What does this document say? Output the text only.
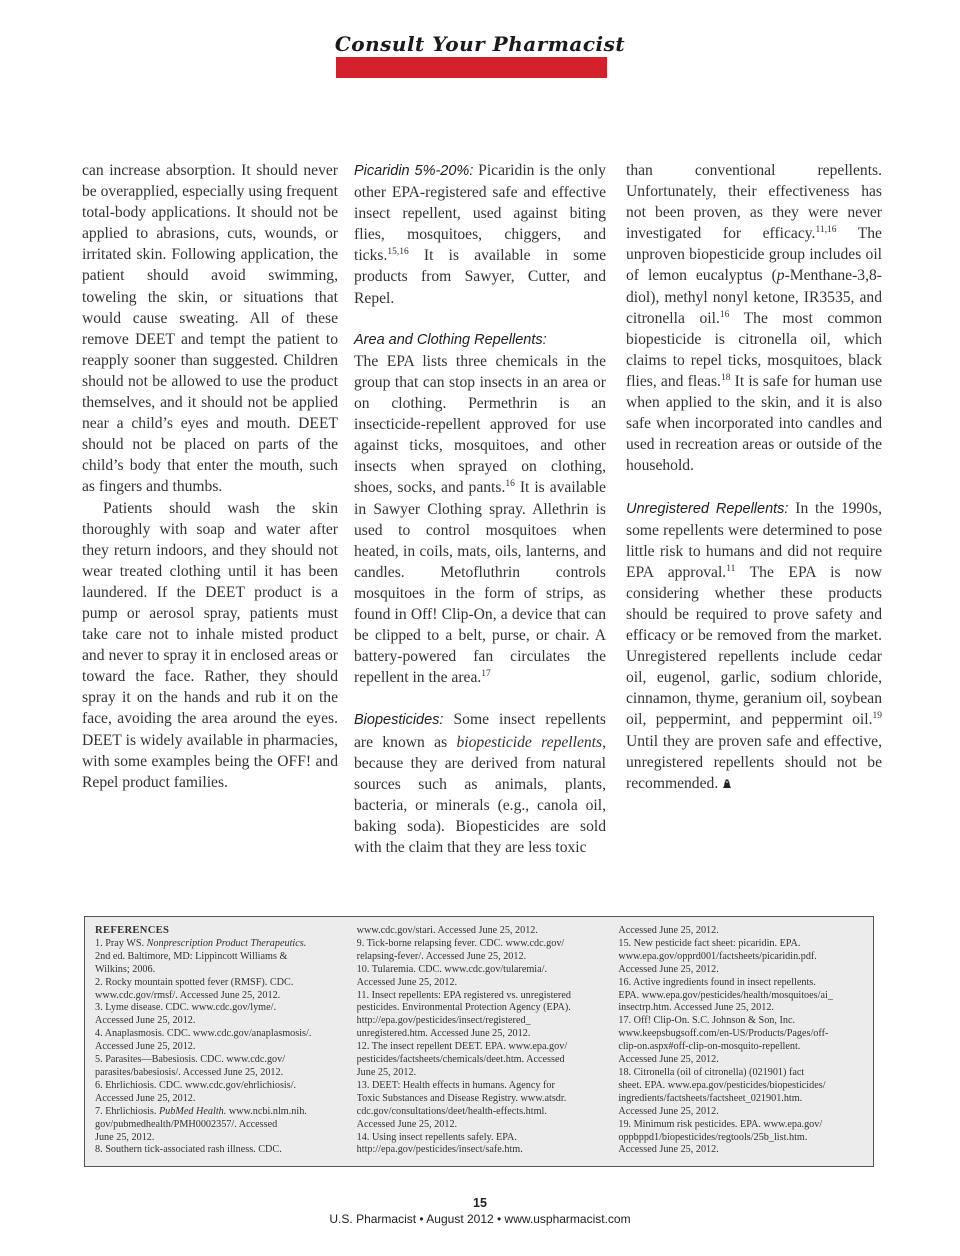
Consult Your Pharmacist

can increase absorption. It should never be overapplied, especially using frequent total-body applications. It should not be applied to abrasions, cuts, wounds, or irritated skin. Following application, the patient should avoid swimming, toweling the skin, or situations that would cause sweating. All of these remove DEET and tempt the patient to reapply sooner than suggested. Children should not be allowed to use the product themselves, and it should not be applied near a child’s eyes and mouth. DEET should not be placed on parts of the child’s body that enter the mouth, such as fingers and thumbs.

Patients should wash the skin thoroughly with soap and water after they return indoors, and they should not wear treated clothing until it has been laundered. If the DEET product is a pump or aerosol spray, patients must take care not to inhale misted product and never to spray it in enclosed areas or toward the face. Rather, they should spray it on the hands and rub it on the face, avoiding the area around the eyes. DEET is widely available in pharmacies, with some examples being the OFF! and Repel product families.

Picaridin 5%-20%: Picaridin is the only other EPA-registered safe and effective insect repellent, used against biting flies, mosquitoes, chiggers, and ticks.$^{15,16}$ It is available in some products from Sawyer, Cutter, and Repel.

Area and Clothing Repellents:
The EPA lists three chemicals in the group that can stop insects in an area or on clothing. Permethrin is an insecticide-repellent approved for use against ticks, mosquitoes, and other insects when sprayed on clothing, shoes, socks, and pants.$^{16}$ It is available in Sawyer Clothing spray. Allethrin is used to control mosquitoes when heated, in coils, mats, oils, lanterns, and candles. Metofluthrin controls mosquitoes in the form of strips, as found in Off! Clip-On, a device that can be clipped to a belt, purse, or chair. A battery-powered fan circulates the repellent in the area.$^{17}$

Biopesticides: Some insect repellents are known as biopesticide repellents, because they are derived from natural sources such as animals, plants, bacteria, or minerals (e.g., canola oil, baking soda). Biopesticides are sold with the claim that they are less toxic

than conventional repellents. Unfortunately, their effectiveness has not been proven, as they were never investigated for efficacy.$^{11,16}$ The unproven biopesticide group includes oil of lemon eucalyptus (p-Menthane-3,8-diol), methyl nonyl ketone, IR3535, and citronella oil.$^{16}$ The most common biopesticide is citronella oil, which claims to repel ticks, mosquitoes, black flies, and fleas.$^{18}$ It is safe for human use when applied to the skin, and it is also safe when incorporated into candles and used in recreation areas or outside of the household.

Unregistered Repellents: In the 1990s, some repellents were determined to pose little risk to humans and did not require EPA approval.$^{11}$ The EPA is now considering whether these products should be required to prove safety and efficacy or be removed from the market. Unregistered repellents include cedar oil, eugenol, garlic, sodium chloride, cinnamon, thyme, geranium oil, soybean oil, peppermint, and peppermint oil.$^{19}$ Until they are proven safe and effective, unregistered repellents should not be recommended.

REFERENCES
1. Pray WS. Nonprescription Product Therapeutics.
2nd ed. Baltimore, MD: Lippincott Williams &
Wilkins; 2006.
2. Rocky mountain spotted fever (RMSF). CDC.
www.cdc.gov/rmsf/. Accessed June 25, 2012.
3. Lyme disease. CDC. www.cdc.gov/lyme/.
Accessed June 25, 2012.
4. Anaplasmosis. CDC. www.cdc.gov/anaplasmosis/.
Accessed June 25, 2012.
5. Parasites—Babesiosis. CDC. www.cdc.gov/
parasites/babesiosis/. Accessed June 25, 2012.
6. Ehrlichiosis. CDC. www.cdc.gov/ehrlichiosis/.
Accessed June 25, 2012.
7. Ehrlichiosis. PubMed Health. www.ncbi.nlm.nih.
gov/pubmedhealth/PMH0002357/. Accessed
June 25, 2012.
8. Southern tick-associated rash illness. CDC.
www.cdc.gov/stari. Accessed June 25, 2012.
9. Tick-borne relapsing fever. CDC. www.cdc.gov/
relapsing-fever/. Accessed June 25, 2012.
10. Tularemia. CDC. www.cdc.gov/tularemia/.
Accessed June 25, 2012.
11. Insect repellents: EPA registered vs. unregistered
pesticides. Environmental Protection Agency (EPA).
http://epa.gov/pesticides/insect/registered_
unregistered.htm. Accessed June 25, 2012.
12. The insect repellent DEET. EPA. www.epa.gov/
pesticides/factsheets/chemicals/deet.htm. Accessed
June 25, 2012.
13. DEET: Health effects in humans. Agency for
Toxic Substances and Disease Registry. www.atsdr.
cdc.gov/consultations/deet/health-effects.html.
Accessed June 25, 2012.
14. Using insect repellents safely. EPA.
http://epa.gov/pesticides/insect/safe.htm.
Accessed June 25, 2012.
15. New pesticide fact sheet: picaridin. EPA.
www.epa.gov/opprd001/factsheets/picaridin.pdf.
Accessed June 25, 2012.
16. Active ingredients found in insect repellents.
EPA. www.epa.gov/pesticides/health/mosquitoes/ai_
insectrp.htm. Accessed June 25, 2012.
17. Off! Clip-On. S.C. Johnson & Son, Inc.
www.keepsbugsoff.com/en-US/Products/Pages/off-
clip-on.aspx#off-clip-on-mosquito-repellent.
Accessed June 25, 2012.
18. Citronella (oil of citronella) (021901) fact
sheet. EPA. www.epa.gov/pesticides/biopesticides/
ingredients/factsheets/factsheet_021901.htm.
Accessed June 25, 2012.
19. Minimum risk pesticides. EPA. www.epa.gov/
oppbppd1/biopesticides/regtools/25b_list.htm.
Accessed June 25, 2012.
15
U.S. Pharmacist • August 2012 • www.uspharmacist.com
